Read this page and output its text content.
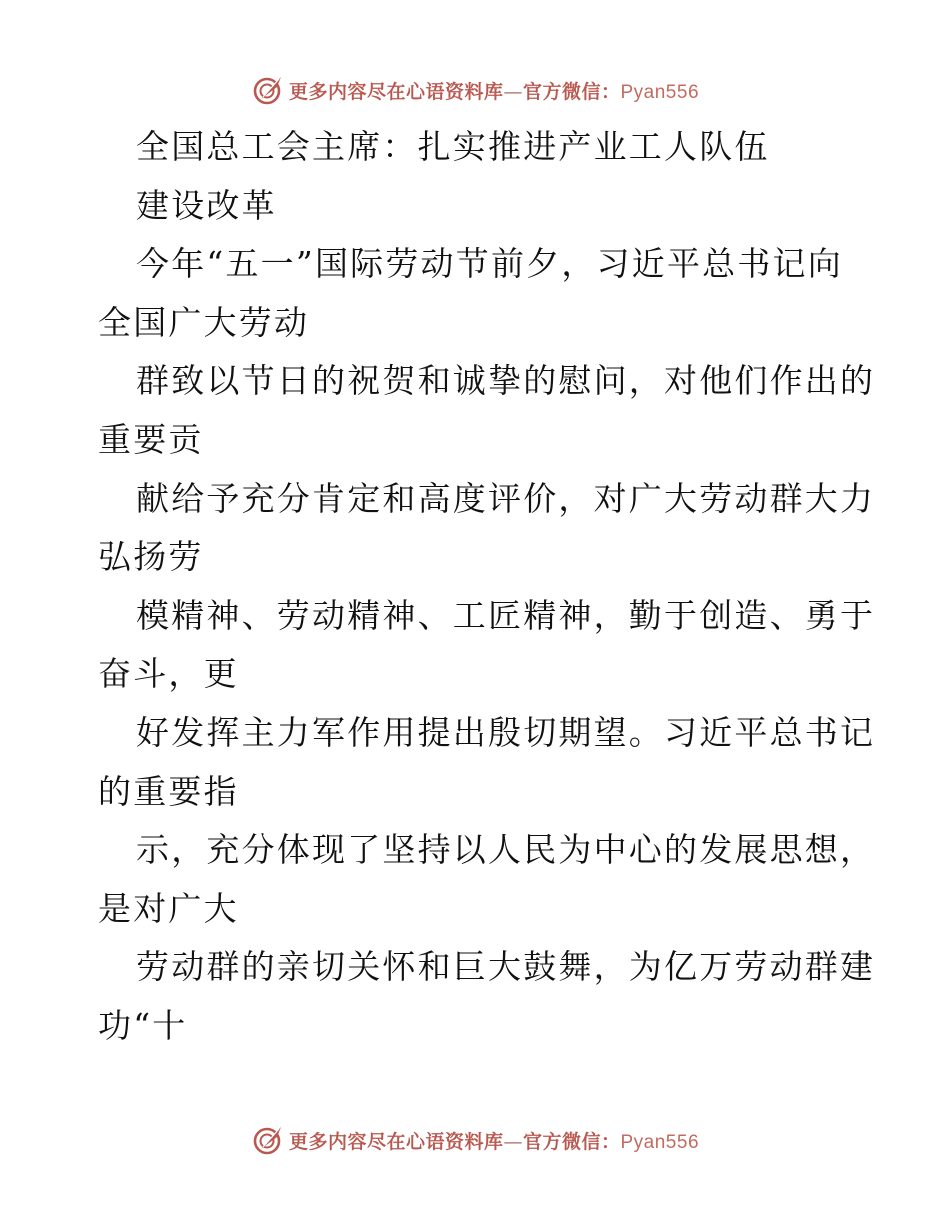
更多内容尽在心语资料库—官方微信：Pyan556
全国总工会主席：扎实推进产业工人队伍
建设改革
今年“五一”国际劳动节前夕，习近平总书记向
全国广大劳动
群致以节日的祝贺和诚挚的慰问，对他们作出的
重要贡
献给予充分肯定和高度评价，对广大劳动群大力
弘扬劳
模精神、劳动精神、工匠精神，勤于创造、勇于
奋斗，更
好发挥主力军作用提出殷切期望。习近平总书记
的重要指
示，充分体现了坚持以人民为中心的发展思想，
是对广大
劳动群的亲切关怀和巨大鼓舞，为亿万劳动群建
功“十
更多内容尽在心语资料库—官方微信：Pyan556
